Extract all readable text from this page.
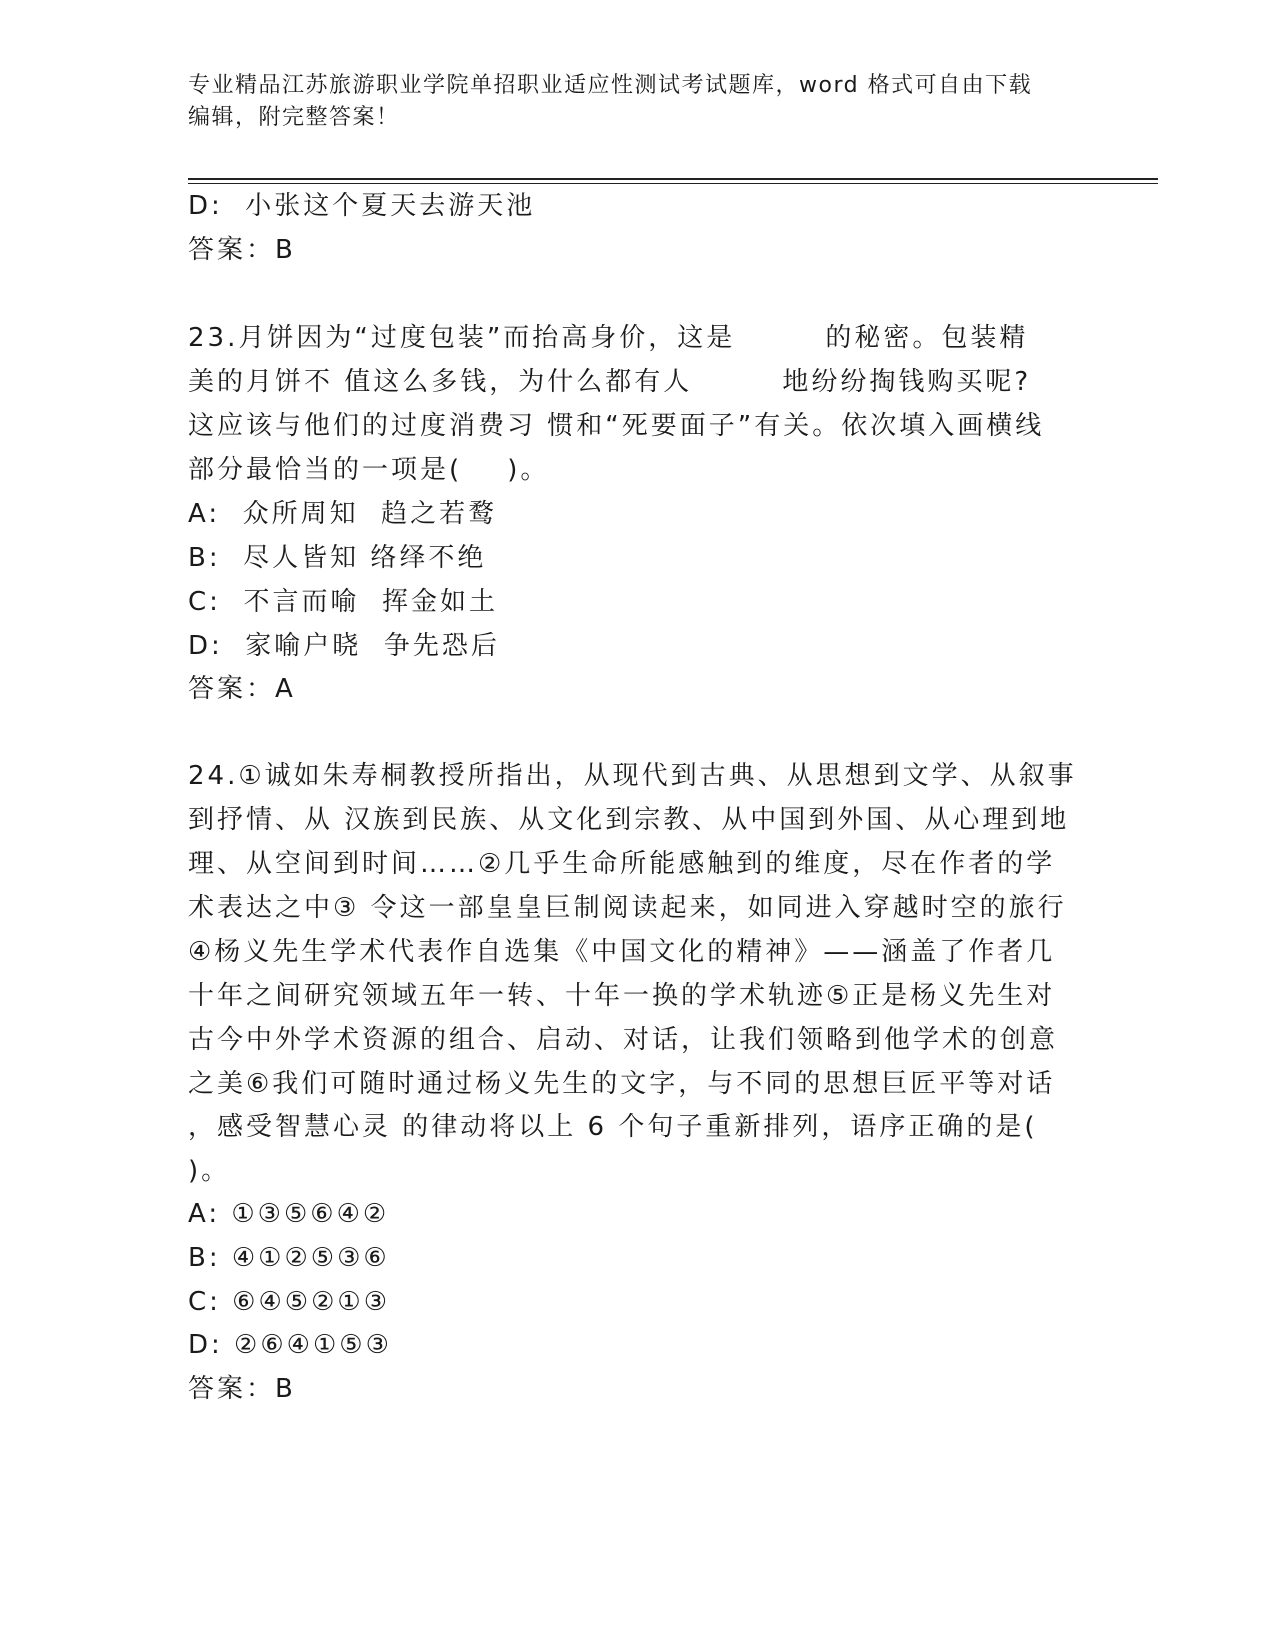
专业精品江苏旅游职业学院单招职业适应性测试考试题库，word 格式可自由下载
编辑，附完整答案！
D:  小张这个夏天去游天池
答案：B
23.月饼因为“过度包装”而抬高身价，这是        的秘密。包装精
美的月饼不 值这么多钱，为什么都有人        地纷纷掏钱购买呢?
这应该与他们的过度消费习 惯和“死要面子”有关。依次填入画横线
部分最恰当的一项是(    )。
A:  众所周知  趋之若鹜
B:  尽人皆知 络绎不绝
C:  不言而喻  挥金如土
D:  家喻户晓  争先恐后
答案：A
24.①诚如朱寿桐教授所指出，从现代到古典、从思想到文学、从叙事
到抒情、从 汉族到民族、从文化到宗教、从中国到外国、从心理到地
理、从空间到时间……②几乎生命所能感触到的维度，尽在作者的学
术表达之中③ 令这一部皇皇巨制阅读起来，如同进入穿越时空的旅行
④杨义先生学术代表作自选集《中国文化的精神》——涵盖了作者几
十年之间研究领域五年一转、十年一换的学术轨迹⑤正是杨义先生对
古今中外学术资源的组合、启动、对话，让我们领略到他学术的创意
之美⑥我们可随时通过杨义先生的文字，与不同的思想巨匠平等对话
，感受智慧心灵 的律动将以上 6 个句子重新排列，语序正确的是(
)。
A: ①③⑤⑥④②
B: ④①②⑤③⑥
C: ⑥④⑤②①③
D: ②⑥④①⑤③
答案：B
